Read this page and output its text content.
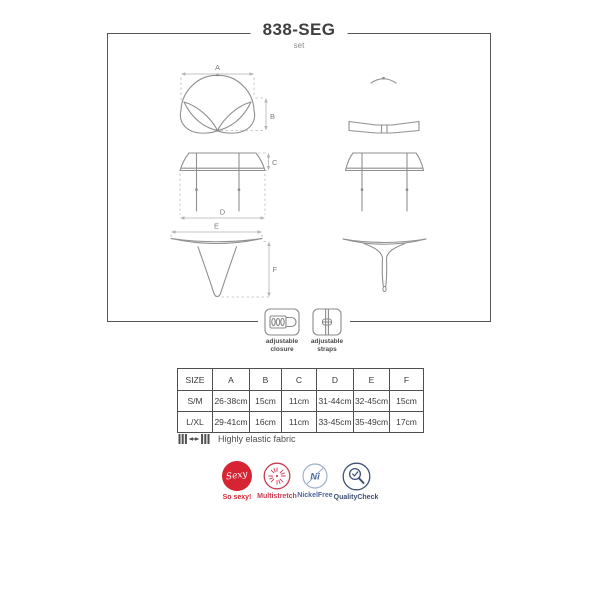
838-SEG
set
A
B
C
D
E
F
adjustable
closure
adjustable
straps
SIZE	A	B	C	D	E	F
S/M	26-38cm	15cm	11cm	31-44cm	32-45cm	15cm
L/XL	29-41cm	16cm	11cm	33-45cm	35-49cm	17cm
Highly elastic fabric
Sexy
So sexy! Multistretch
Ni
NickelFree QualityCheck
